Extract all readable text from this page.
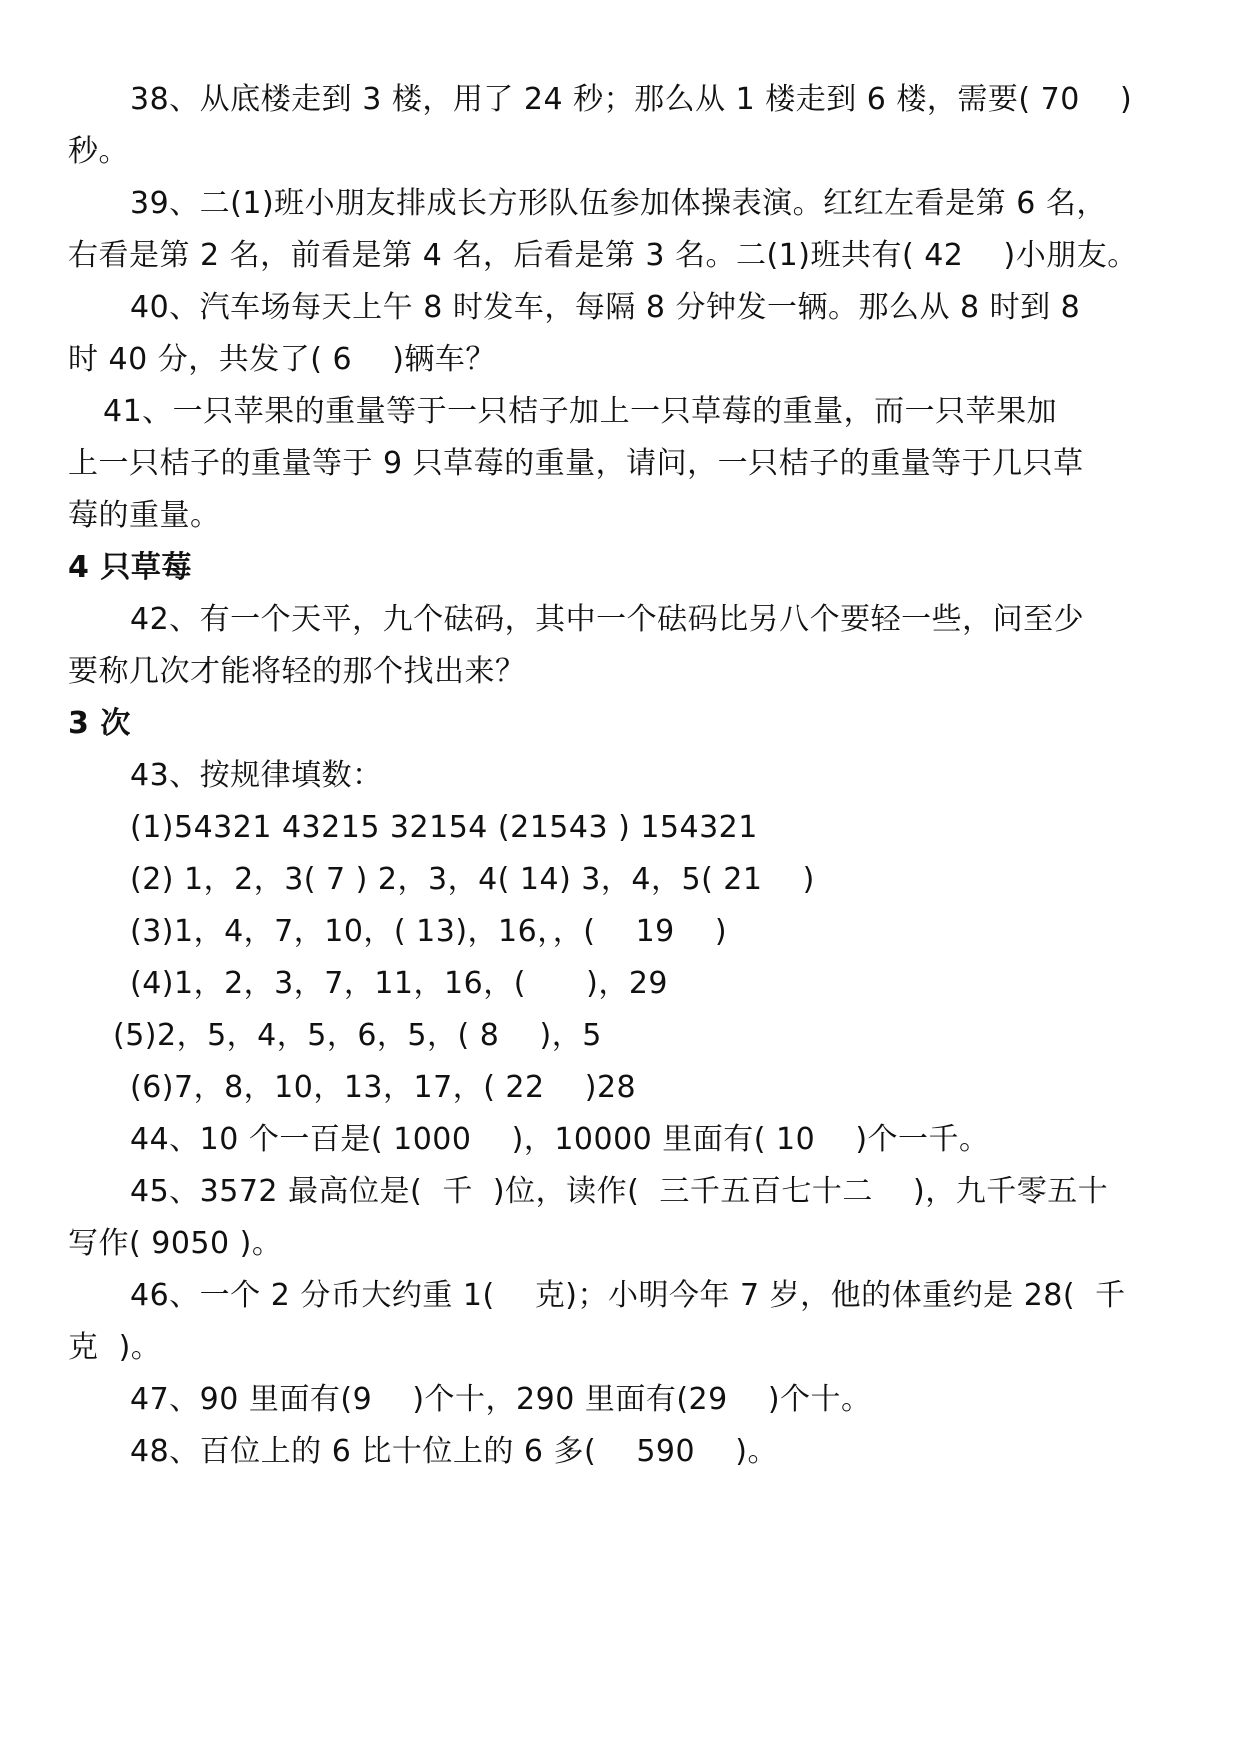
38、从底楼走到 3 楼，用了 24 秒；那么从 1 楼走到 6 楼，需要( 70    )
秒。
39、二(1)班小朋友排成长方形队伍参加体操表演。红红左看是第 6 名，
右看是第 2 名，前看是第 4 名，后看是第 3 名。二(1)班共有( 42    )小朋友。
40、汽车场每天上午 8 时发车，每隔 8 分钟发一辆。那么从 8 时到 8
时 40 分，共发了( 6    )辆车？
41、一只苹果的重量等于一只桔子加上一只草莓的重量，而一只苹果加
上一只桔子的重量等于 9 只草莓的重量，请问，一只桔子的重量等于几只草
莓的重量。
4 只草莓
42、有一个天平，九个砝码，其中一个砝码比另八个要轻一些，问至少
要称几次才能将轻的那个找出来？
3 次
43、按规律填数：
(1)54321 43215 32154 (21543 ) 154321
(2) 1，2，3( 7 ) 2，3，4( 14) 3，4，5( 21    )
(3)1，4，7，10，( 13)，16，，(    19    )
(4)1，2，3，7，11，16，(      )，29
(5)2，5，4，5，6，5，( 8    )，5
(6)7，8，10，13，17，( 22    )28
44、10 个一百是( 1000    )，10000 里面有( 10    )个一千。
45、3572 最高位是(  千  )位，读作(  三千五百七十二    )，九千零五十
写作( 9050 )。
46、一个 2 分币大约重 1(    克)；小明今年 7 岁，他的体重约是 28(  千
克  )。
47、90 里面有(9    )个十，290 里面有(29    )个十。
48、百位上的 6 比十位上的 6 多(    590    )。
